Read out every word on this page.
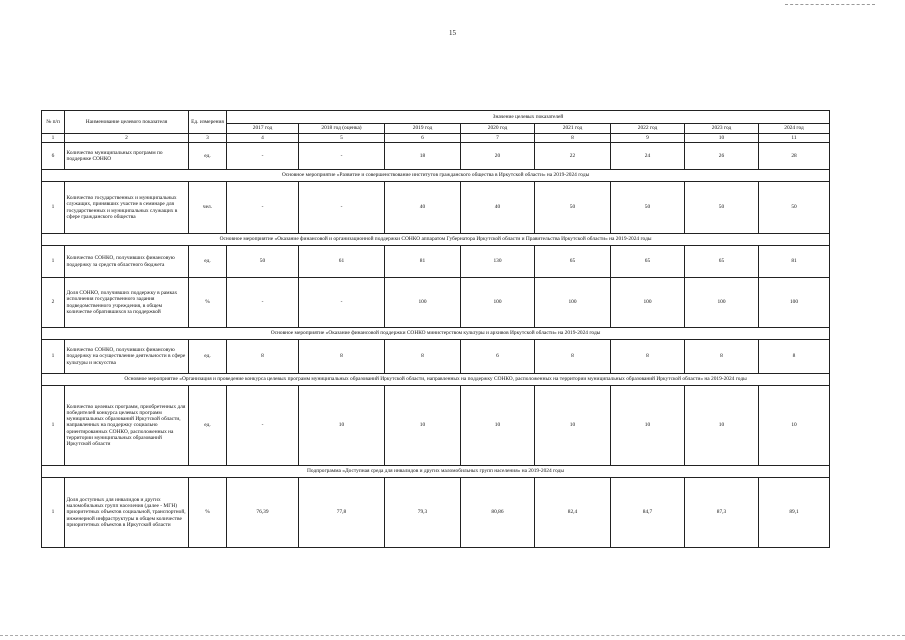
15
№ п/п	Наименование целевого показателя	Ед. измерения	Значение целевых показателей							
			2017 год	2018 год (оценка)	2019 год	2020 год	2021 год	2022 год	2023 год	2024 год
1	2	3	4	5	6	7	8	9	10	11
6	Количество муниципальных программ по поддержке СОНКО	ед.	-	-	18	20	22	24	26	28
Основное мероприятие «Развитие и совершенствование институтов гражданского общества в Иркутской области» на 2019-2024 годы										
1	Количество государственных и муниципальных служащих, принявших участие в семинаре для государственных и муниципальных служащих в сфере гражданского общества	чел.	-	-	40	40	50	50	50	50
Основное мероприятие «Оказание финансовой и организационной поддержки СОНКО аппаратом Губернатора Иркутской области и Правительства Иркутской области» на 2019-2024 годы										
1	Количество СОНКО, получивших финансовую поддержку за средств областного бюджета	ед.	50	61	81	130	65	65	65	81
2	Доля СОНКО, получивших поддержку в рамках исполнения государственного задания подведомственного учреждения, в общем количестве обратившихся за поддержкой	%	-	-	100	100	100	100	100	100
Основное мероприятие «Оказание финансовой поддержки СОНКО министерством культуры и архивов Иркутской области» на 2019-2024 годы										
1	Количество СОНКО, получивших финансовую поддержку на осуществление деятельности в сфере культуры и искусства	ед.	8	8	8	6	8	8	8	8
Основное мероприятие «Организация и проведение конкурса целевых программ муниципальных образований Иркутской области, направленных на поддержку СОНКО, расположенных на территории муниципальных образований Иркутской области» на 2019-2024 годы										
1	Количество целевых программ, приобретенных для победителей конкурса целевых программ муниципальных образований Иркутской области, направленных на поддержку социально ориентированных СОНКО, расположенных на территории муниципальных образований Иркутской области	ед.	-	10	10	10	10	10	10	10
Подпрограмма «Доступная среда для инвалидов и других маломобильных групп населения» на 2019-2024 годы										
1	Доля доступных для инвалидов и других маломобильных групп населения (далее - МГН) приоритетных объектов социальной, транспортной, инженерной инфраструктуры в общем количестве приоритетных объектов в Иркутской области	%	76,39	77,8	79,3	80,86	82,4	84,7	87,3	89,1
